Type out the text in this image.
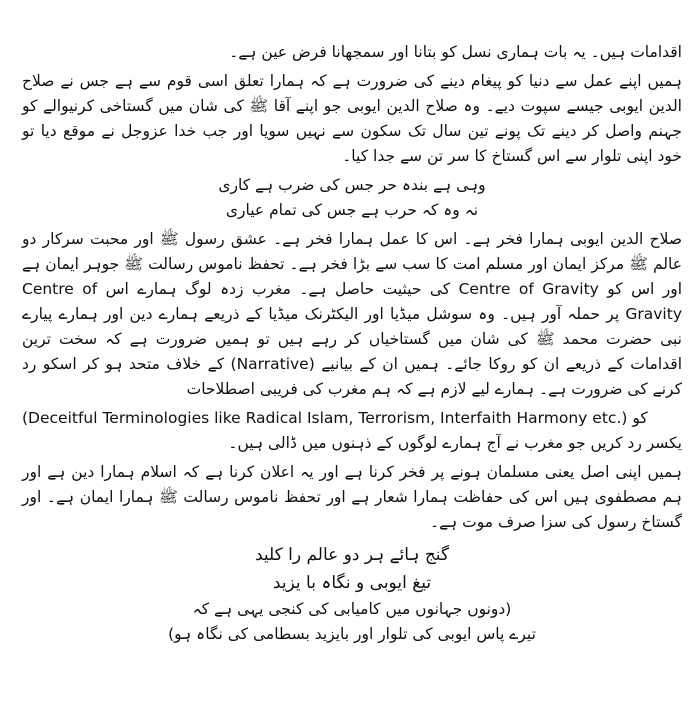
اقدامات ہیں۔ یہ بات ہماری نسل کو بتانا اور سمجھانا فرض عین ہے۔

ہمیں اپنے عمل سے دنیا کو پیغام دینے کی ضرورت ہے کہ ہمارا تعلق اسی قوم سے ہے جس نے صلاح الدین ایوبی جیسے سپوت دیے۔ وہ صلاح الدین ایوبی جو اپنے آقا ﷺ کی شان میں گستاخی کرنیوالے کو جہنم واصل کر دینے تک پونے تین سال تک سکون سے نہیں سویا اور جب خدا عزوجل نے موقع دیا تو خود اپنی تلوار سے اس گستاخ کا سر تن سے جدا کیا۔

وہی ہے بندہ حر جس کی ضرب ہے کاری

نہ وہ کہ حرب ہے جس کی تمام عیاری

صلاح الدین ایوبی ہمارا فخر ہے۔ اس کا عمل ہمارا فخر ہے۔ عشق رسول ﷺ اور محبت سرکار دو عالم ﷺ مرکز ایمان اور مسلم امت کا سب سے بڑا فخر ہے۔ تحفظ ناموس رسالت ﷺ جوہر ایمان ہے اور اس کو Centre of Gravity کی حیثیت حاصل ہے۔ مغرب زدہ لوگ ہمارے اس Centre of Gravity پر حملہ آور ہیں۔ وہ سوشل میڈیا اور الیکٹرنک میڈیا کے ذریعے ہمارے دین اور ہمارے پیارے نبی حضرت محمد ﷺ کی شان میں گستاخیاں کر رہے ہیں تو ہمیں ضرورت ہے کہ سخت ترین اقدامات کے ذریعے ان کو روکا جائے۔ ہمیں ان کے بیانیے (Narrative) کے خلاف متحد ہو کر اسکو رد کرنے کی ضرورت ہے۔ ہمارے لیے لازم ہے کہ ہم مغرب کی فریبی اصطلاحات

(Deceitful Terminologies like Radical Islam, Terrorism, Interfaith Harmony etc.) کو

یکسر رد کریں جو مغرب نے آج ہمارے لوگوں کے ذہنوں میں ڈالی ہیں۔

ہمیں اپنی اصل یعنی مسلمان ہونے پر فخر کرنا ہے اور یہ اعلان کرنا ہے کہ اسلام ہمارا دین ہے اور ہم مصطفوی ہیں اس کی حفاظت ہمارا شعار ہے اور تحفظ ناموس رسالت ﷺ ہمارا ایمان ہے۔ اور گستاخ رسول کی سزا صرف موت ہے۔

گنج ہائے ہر دو عالم را کلید

تیغ ایوبی و نگاہ با یزید

(دونوں جہانوں میں کامیابی کی کنجی یہی ہے کہ

تیرے پاس ایوبی کی تلوار اور بایزید بسطامی کی نگاہ ہو)
